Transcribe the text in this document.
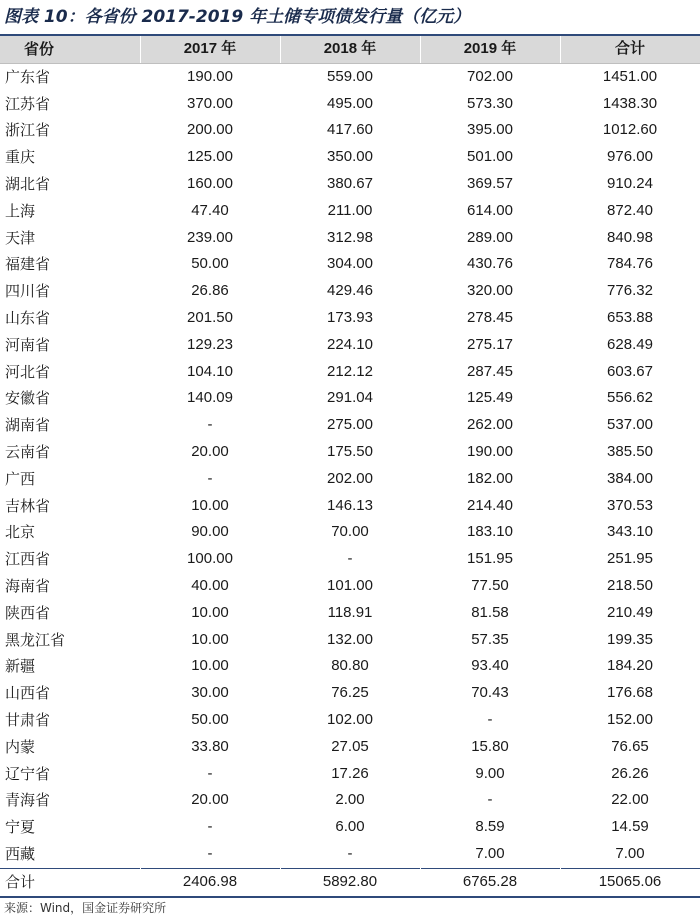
图表 10：各省份 2017-2019 年土储专项债发行量（亿元）
省份	2017 年	2018 年	2019 年	合计
广东省	190.00	559.00	702.00	1451.00
江苏省	370.00	495.00	573.30	1438.30
浙江省	200.00	417.60	395.00	1012.60
重庆	125.00	350.00	501.00	976.00
湖北省	160.00	380.67	369.57	910.24
上海	47.40	211.00	614.00	872.40
天津	239.00	312.98	289.00	840.98
福建省	50.00	304.00	430.76	784.76
四川省	26.86	429.46	320.00	776.32
山东省	201.50	173.93	278.45	653.88
河南省	129.23	224.10	275.17	628.49
河北省	104.10	212.12	287.45	603.67
安徽省	140.09	291.04	125.49	556.62
湖南省	-	275.00	262.00	537.00
云南省	20.00	175.50	190.00	385.50
广西	-	202.00	182.00	384.00
吉林省	10.00	146.13	214.40	370.53
北京	90.00	70.00	183.10	343.10
江西省	100.00	-	151.95	251.95
海南省	40.00	101.00	77.50	218.50
陕西省	10.00	118.91	81.58	210.49
黑龙江省	10.00	132.00	57.35	199.35
新疆	10.00	80.80	93.40	184.20
山西省	30.00	76.25	70.43	176.68
甘肃省	50.00	102.00	-	152.00
内蒙	33.80	27.05	15.80	76.65
辽宁省	-	17.26	9.00	26.26
青海省	20.00	2.00	-	22.00
宁夏	-	6.00	8.59	14.59
西藏	-	-	7.00	7.00
合计	2406.98	5892.80	6765.28	15065.06
来源：Wind，国金证券研究所
